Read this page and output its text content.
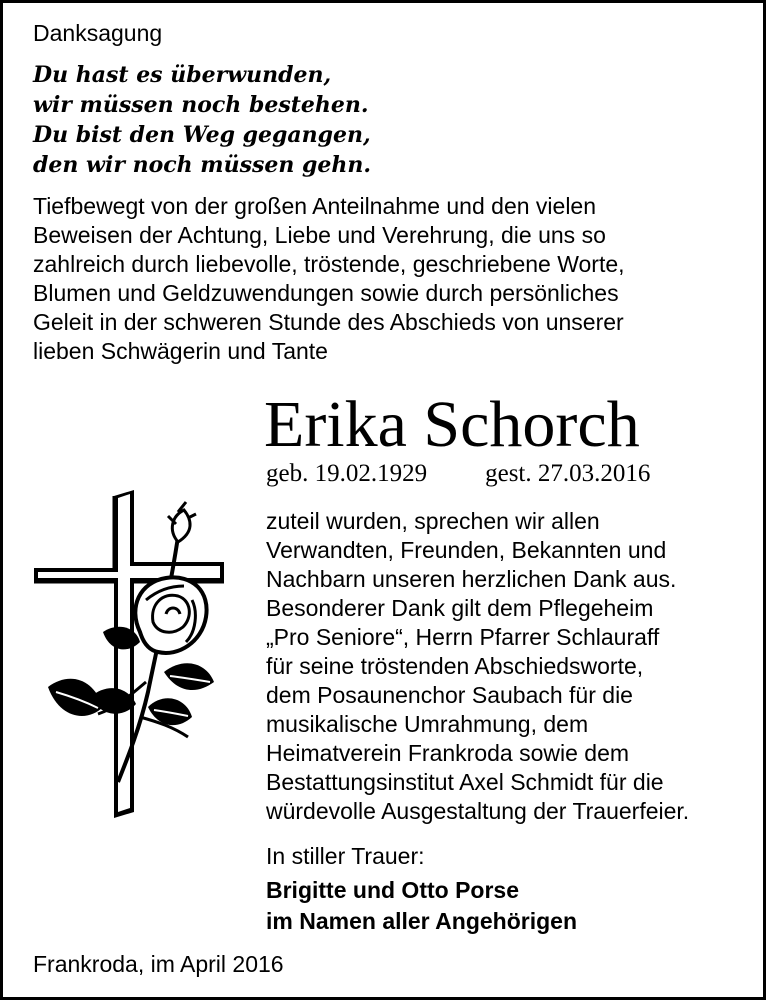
Danksagung
Du hast es überwunden,
wir müssen noch bestehen.
Du bist den Weg gegangen,
den wir noch müssen gehn.
Tiefbewegt von der großen Anteilnahme und den vielen
Beweisen der Achtung, Liebe und Verehrung, die uns so
zahlreich durch liebevolle, tröstende, geschriebene Worte,
Blumen und Geldzuwendungen sowie durch persönliches
Geleit in der schweren Stunde des Abschieds von unserer
lieben Schwägerin und Tante
Erika Schorch
geb. 19.02.1929 gest. 27.03.2016
zuteil wurden, sprechen wir allen
Verwandten, Freunden, Bekannten und
Nachbarn unseren herzlichen Dank aus.
Besonderer Dank gilt dem Pflegeheim
„Pro Seniore“, Herrn Pfarrer Schlauraff
für seine tröstenden Abschiedsworte,
dem Posaunenchor Saubach für die
musikalische Umrahmung, dem
Heimatverein Frankroda sowie dem
Bestattungsinstitut Axel Schmidt für die
würdevolle Ausgestaltung der Trauerfeier.
In stiller Trauer:
Brigitte und Otto Porse
im Namen aller Angehörigen
Frankroda, im April 2016
